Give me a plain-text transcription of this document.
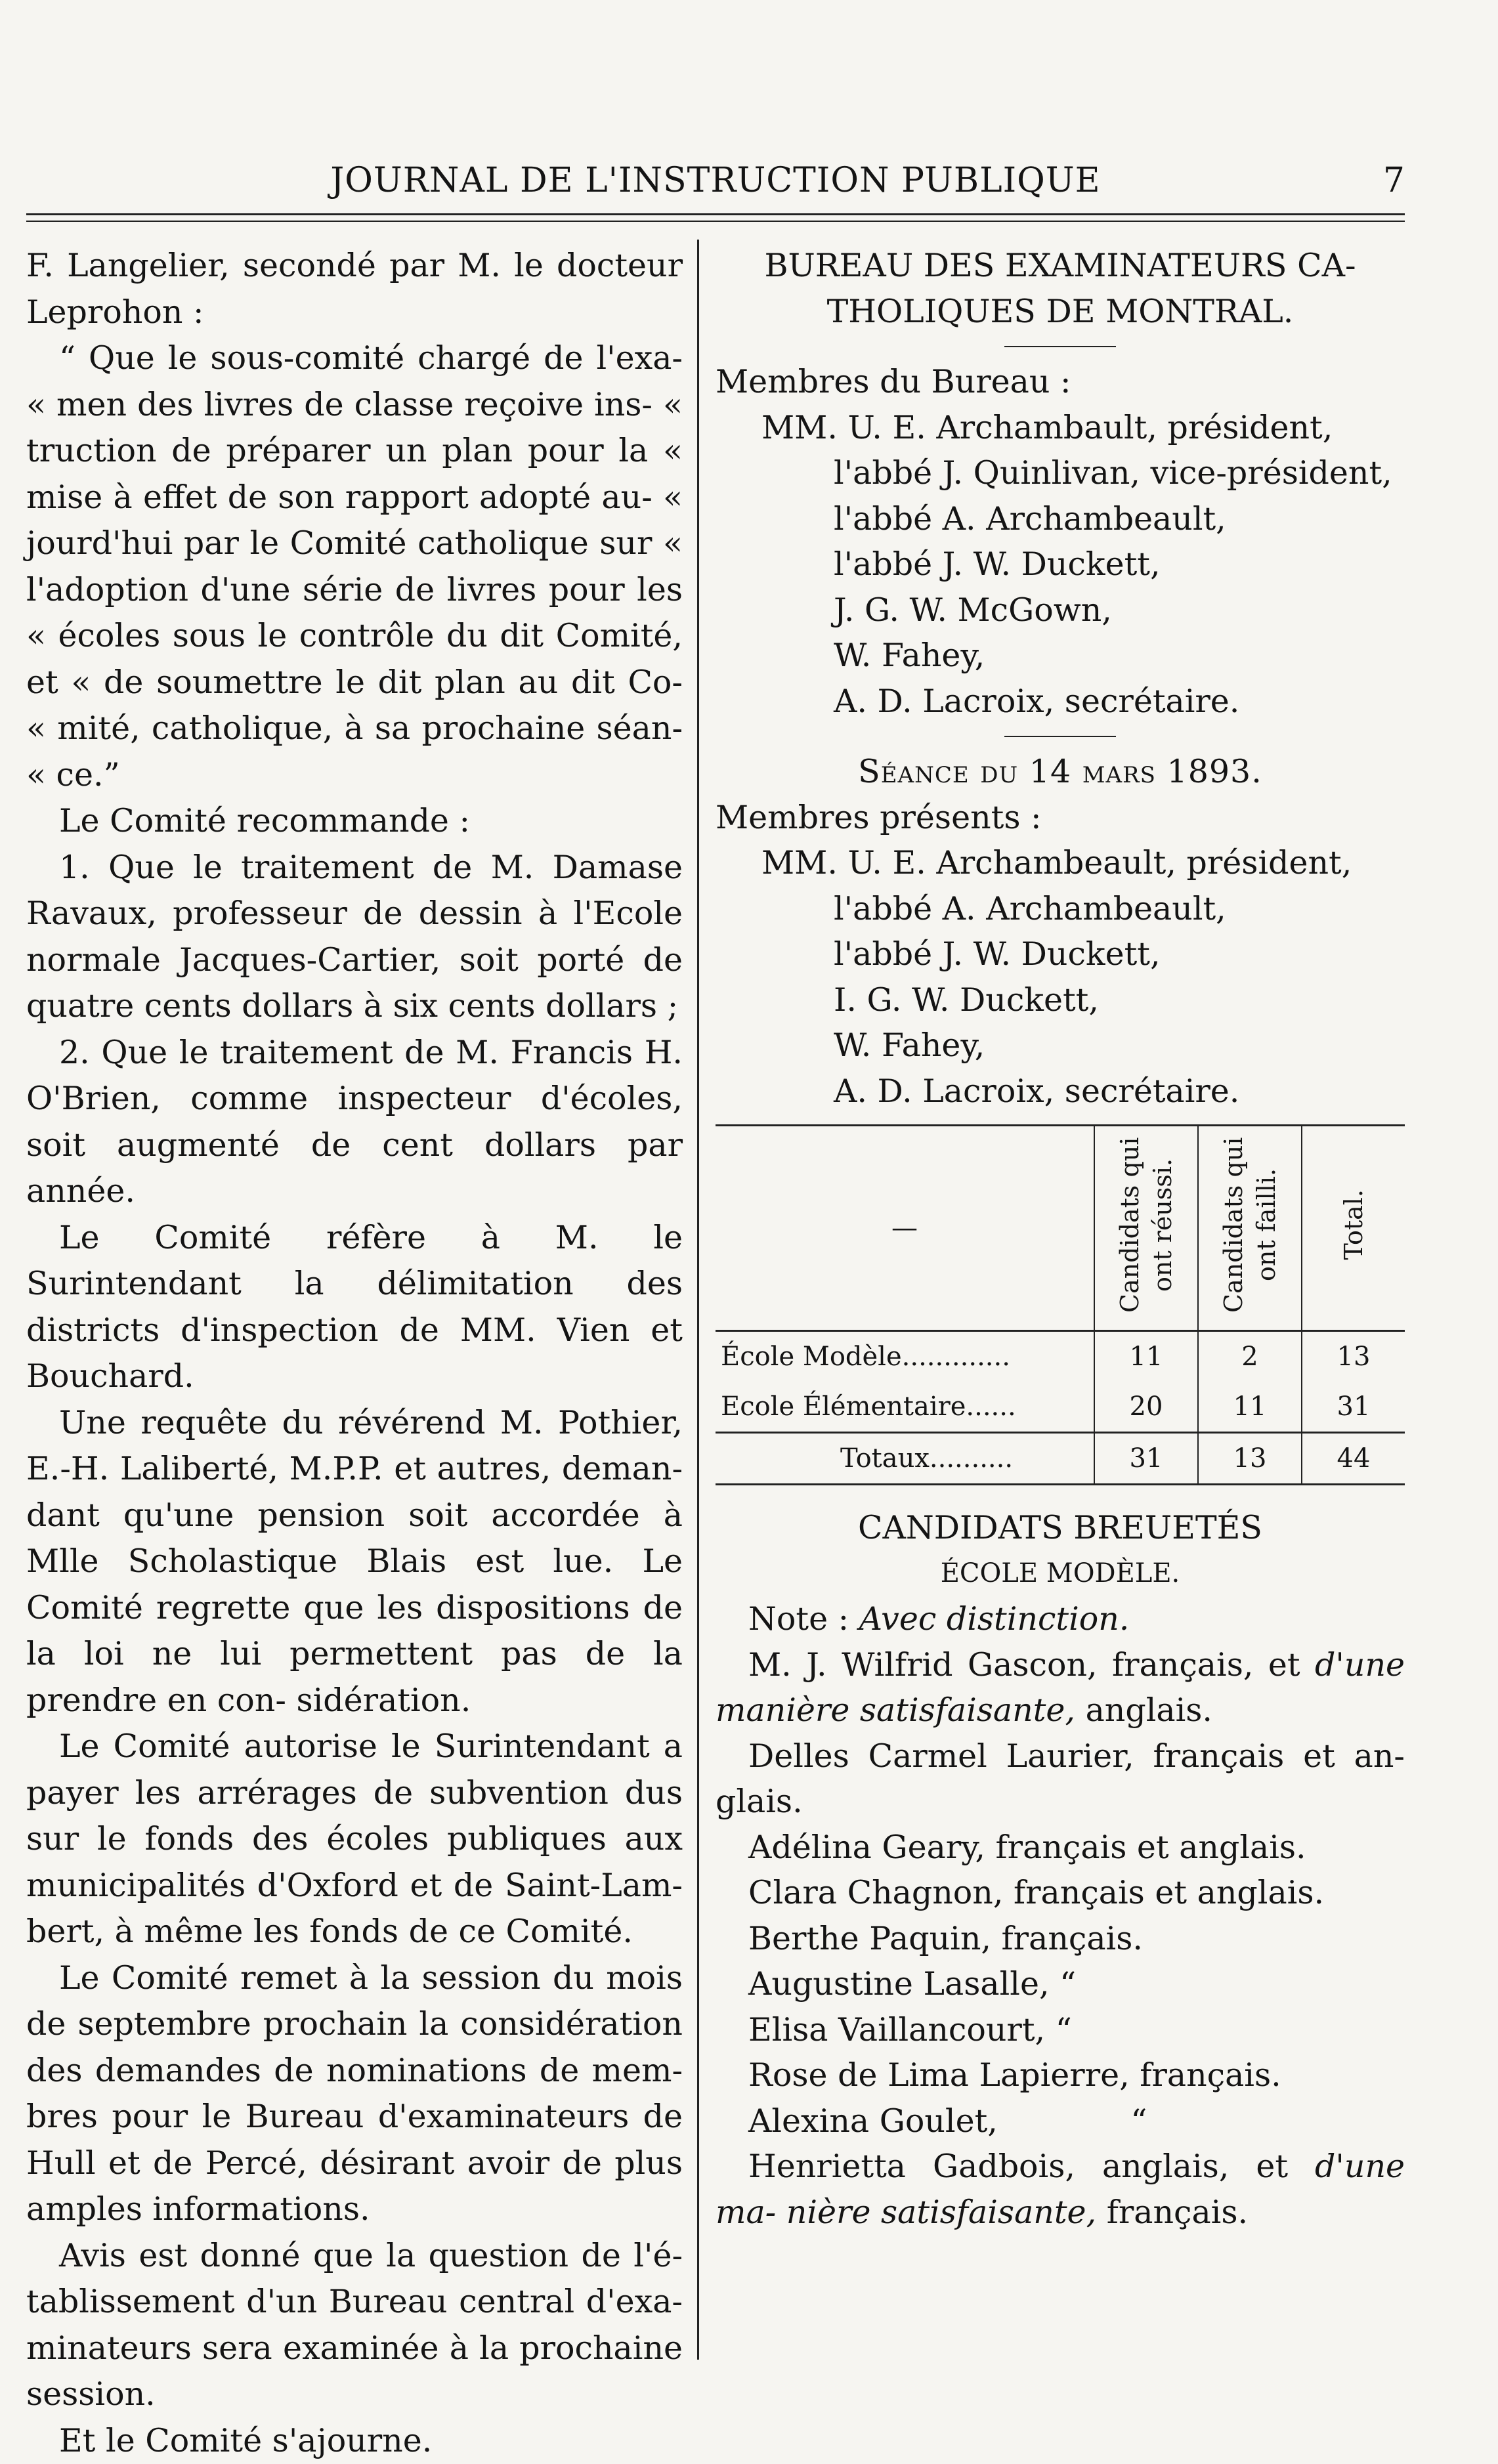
JOURNAL DE L'INSTRUCTION PUBLIQUE	7

F. Langelier, secondé par M. le docteur Leprohon :

“ Que le sous-comité chargé de l'exa- « men des livres de classe reçoive ins- « truction de préparer un plan pour la « mise à effet de son rapport adopté au- « jourd'hui par le Comité catholique sur « l'adoption d'une série de livres pour les « écoles sous le contrôle du dit Comité, et « de soumettre le dit plan au dit Co- « mité, catholique, à sa prochaine séan- « ce.”

Le Comité recommande :

1. Que le traitement de M. Damase Ravaux, professeur de dessin à l'Ecole normale Jacques-Cartier, soit porté de quatre cents dollars à six cents dollars ;

2. Que le traitement de M. Francis H. O'Brien, comme inspecteur d'écoles, soit augmenté de cent dollars par année.

Le Comité réfère à M. le Surintendant la délimitation des districts d'inspection de MM. Vien et Bouchard.

Une requête du révérend M. Pothier, E.-H. Laliberté, M.P.P. et autres, deman- dant qu'une pension soit accordée à Mlle Scholastique Blais est lue. Le Comité regrette que les dispositions de la loi ne lui permettent pas de la prendre en con- sidération.

Le Comité autorise le Surintendant a payer les arrérages de subvention dus sur le fonds des écoles publiques aux municipalités d'Oxford et de Saint-Lam- bert, à même les fonds de ce Comité.

Le Comité remet à la session du mois de septembre prochain la considération des demandes de nominations de mem- bres pour le Bureau d'examinateurs de Hull et de Percé, désirant avoir de plus amples informations.

Avis est donné que la question de l'é- tablissement d'un Bureau central d'exa- minateurs sera examinée à la prochaine session.

Et le Comité s'ajourne.

BUREAU DES EXAMINATEURS CA- THOLIQUES DE MONTRAL.

Membres du Bureau :

MM. U. E. Archambault, président,

l'abbé J. Quinlivan, vice-président,

l'abbé A. Archambeault,

l'abbé J. W. Duckett,

J. G. W. McGown,

W. Fahey,

A. D. Lacroix, secrétaire.

Séance du 14 mars 1893.

Membres présents :

MM. U. E. Archambeault, président,

l'abbé A. Archambeault,

l'abbé J. W. Duckett,

I. G. W. Duckett,

W. Fahey,

A. D. Lacroix, secrétaire.

—	Candidats qui ont réussi.	Candidats qui ont failli.	Total.
École Modèle.............	11	2	13
Ecole Élémentaire......	20	11	31
Totaux..........	31	13	44

CANDIDATS BREUETÉS

ÉCOLE MODÈLE.

Note : Avec distinction.

M. J. Wilfrid Gascon, français, et d'une manière satisfaisante, anglais.

Delles Carmel Laurier, français et an- glais.

Adélina Geary, français et anglais.

Clara Chagnon, français et anglais.

Berthe Paquin, français.

Augustine Lasalle, “

Elisa Vaillancourt, “

Rose de Lima Lapierre, français.

Alexina Goulet,             “

Henrietta Gadbois, anglais, et d'une ma- nière satisfaisante, français.
